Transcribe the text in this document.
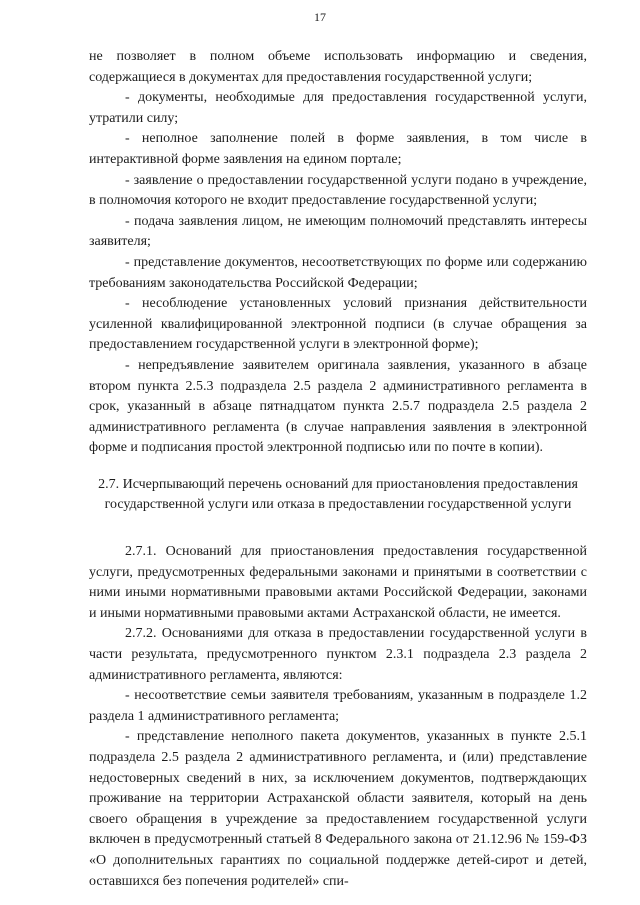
17

не позволяет в полном объеме использовать информацию и сведения, содержащиеся в документах для предоставления государственной услуги;

- документы, необходимые для предоставления государственной услуги, утратили силу;

- неполное заполнение полей в форме заявления, в том числе в интерактивной форме заявления на едином портале;

- заявление о предоставлении государственной услуги подано в учреждение, в полномочия которого не входит предоставление государственной услуги;

- подача заявления лицом, не имеющим полномочий представлять интересы заявителя;

- представление документов, несоответствующих по форме или содержанию требованиям законодательства Российской Федерации;

- несоблюдение установленных условий признания действительности усиленной квалифицированной электронной подписи (в случае обращения за предоставлением государственной услуги в электронной форме);

- непредъявление заявителем оригинала заявления, указанного в абзаце втором пункта 2.5.3 подраздела 2.5 раздела 2 административного регламента в срок, указанный в абзаце пятнадцатом пункта 2.5.7 подраздела 2.5 раздела 2 административного регламента (в случае направления заявления в электронной форме и подписания простой электронной подписью или по почте в копии).

2.7. Исчерпывающий перечень оснований для приостановления предоставления государственной услуги или отказа в предоставлении государственной услуги

2.7.1. Оснований для приостановления предоставления государственной услуги, предусмотренных федеральными законами и принятыми в соответствии с ними иными нормативными правовыми актами Российской Федерации, законами и иными нормативными правовыми актами Астраханской области, не имеется.

2.7.2. Основаниями для отказа в предоставлении государственной услуги в части результата, предусмотренного пунктом 2.3.1 подраздела 2.3 раздела 2 административного регламента, являются:

- несоответствие семьи заявителя требованиям, указанным в подразделе 1.2 раздела 1 административного регламента;

- представление неполного пакета документов, указанных в пункте 2.5.1 подраздела 2.5 раздела 2 административного регламента, и (или) представление недостоверных сведений в них, за исключением документов, подтверждающих проживание на территории Астраханской области заявителя, который на день своего обращения в учреждение за предоставлением государственной услуги включен в предусмотренный статьей 8 Федерального закона от 21.12.96 № 159-ФЗ «О дополнительных гарантиях по социальной поддержке детей-сирот и детей, оставшихся без попечения родителей» спи-
